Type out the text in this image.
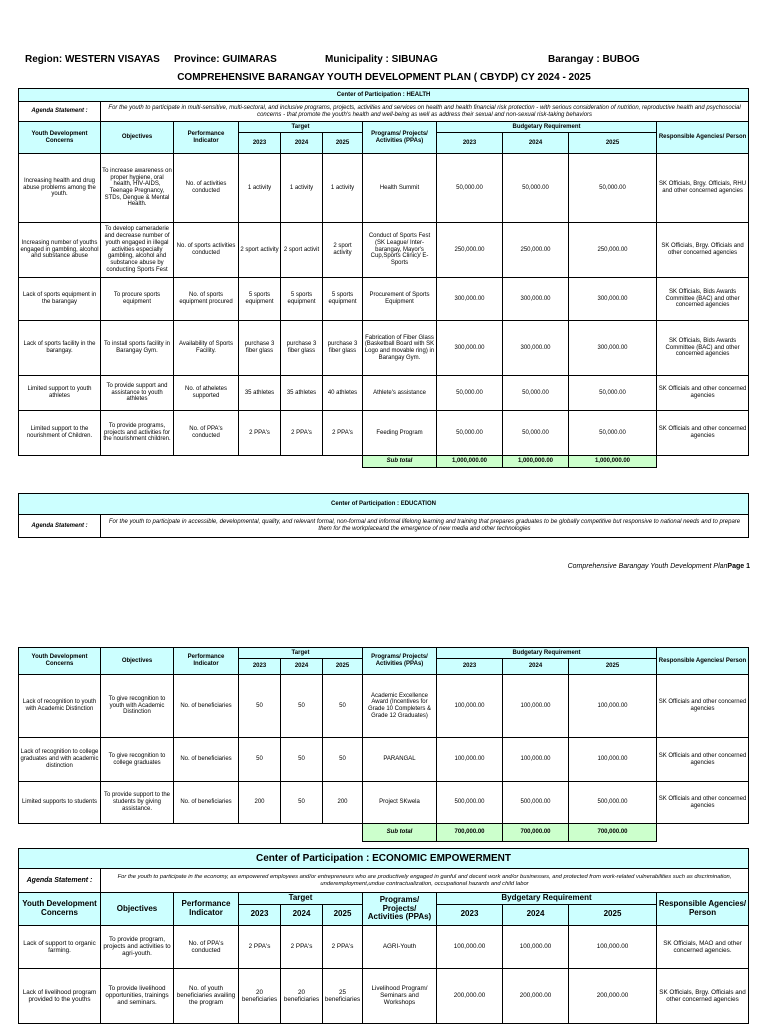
Region: WESTERN VISAYAS Province: GUIMARAS	Municipality : SIBUNAG	Barangay : BUBOG
COMPREHENSIVE BARANGAY YOUTH DEVELOPMENT PLAN ( CBYDP) CY 2024 - 2025
Center of Participation : HEALTH										
Agenda Statement :	For the youth to participate in multi-sensitive, multi-sectoral, and inclusive programs, projects, activities and services on health and health financial risk protection - with serious consideration of nutrition, reproductive health and psychosocial concerns - that promote the youth's health and well-being as well as address their sexual and non-sexual risk-taking behaviors									
Youth Development Concerns	Objectives	Performance Indicator	Target			Programs/ Projects/ Activities (PPAs)	Budgetary Requirement			Responsible Agencies/ Person
			2023	2024	2025		2023	2024	2025	
Increasing health and drug abuse problems among the youth.	To increase awareness on proper hygiene, oral health, HIV-AIDS, Teenage Pregnancy, STDs, Dengue & Mental Health.	No. of activities conducted	1 activity	1 activity	1 activity	Health Summit	50,000.00	50,000.00	50,000.00	SK Officials, Brgy. Officials, RHU and other concerned agencies
Increasing number of youths engaged in gambling, alcohol and substance abuse	To develop cameraderie and decrease number of youth engaged in illegal activities especially gambling, alcohol and substance abuse by conducting Sports Fest	No. of sports activities conducted	2 sport activity	2 sport activit	2 sport activity	Conduct of Sports Fest (SK League/ Inter-barangay, Mayor's Cup,Sports Clinic)/ E-Sports	250,000.00	250,000.00	250,000.00	SK Officials, Brgy. Officials and other concerned agencies
Lack of sports equipment in the barangay	To procure sports equipment	No. of sports equipment procured	5 sports equipment	5 sports equipment	5 sports equipment	Procurement of Sports Equipment	300,000.00	300,000.00	300,000.00	SK Officials, Bids Awards Committee (BAC) and other concerned agencies
Lack of sports facility in the barangay.	To install sports facility in Barangay Gym.	Availability of Sports Facility.	purchase 3 fiber glass	purchase 3 fiber glass	purchase 3 fiber glass	Fabrication of Fiber Glass (Basketball Board with SK Logo and movable ring) in Barangay Gym.	300,000.00	300,000.00	300,000.00	SK Officials, Bids Awards Committee (BAC) and other concerned agencies
Limited support to youth athletes	To provide support and assistance to youth athletes	No. of atheletes supported	35 athletes	35 athletes	40 athletes	Athlete's assistance	50,000.00	50,000.00	50,000.00	SK Officials and other concerned agencies
Limited support to the nourishment of Children.	To provide programs, projects and activities for the nourishment children.	No. of PPA's conducted	2 PPA's	2 PPA's	2 PPA's	Feeding Program	50,000.00	50,000.00	50,000.00	SK Officials and other concerned agencies
						Sub total	1,000,000.00	1,000,000.00	1,000,000.00	
Center of Participation : EDUCATION
Agenda Statement :	For the youth to participate in accessible, developmental, quality, and relevant formal, non-formal and informal lifelong learning and training that prepares graduates to be globally competitive but responsive to national needs and to prepare them for the workplaceand the emergence of new media and other technologies
Comprehensive Barangay Youth Development PlanPage 1
Youth Development Concerns	Objectives	Performance Indicator	Target			Programs/ Projects/ Activities (PPAs)	Budgetary Requirement			Responsible Agencies/ Person
			2023	2024	2025		2023	2024	2025	
Lack of recognition to youth with Academic Distinction	To give recognition to youth with Academic Distinction	No. of beneficiaries	50	50	50	Academic Excellence Award (Incentives for Grade 10 Completers & Grade 12 Graduates)	100,000.00	100,000.00	100,000.00	SK Officials and other concerned agencies
Lack of recognition to college graduates and with academic distinction	To give recognition to college graduates	No. of beneficiaries	50	50	50	PARANGAL	100,000.00	100,000.00	100,000.00	SK Officials and other concerned agencies
Limited supports to students	To provide support to the students by giving assistance.	No. of beneficiaries	200	50	200	Project SKwela	500,000.00	500,000.00	500,000.00	SK Officials and other concerned agencies
						Sub total	700,000.00	700,000.00	700,000.00	
Center of Participation : ECONOMIC EMPOWERMENT										
Agenda Statement :	For the youth to participate in the economy, as empowered employees and/or entrepreneurs who are productively engaged in ganful and decent work and/or businesses, and protected from work-related vulnerabilities such as discrimination, underemployment,undue contractualization, occupational hazards and child labor									
Youth Development Concerns	Objectives	Performance Indicator	Target			Programs/ Projects/ Activities (PPAs)	Bydgetary Requirement			Responsible Agencies/ Person
			2023	2024	2025		2023	2024	2025	
Lack of support to organic farming.	To provide program, projects and activities to agri-youth.	No. of PPA's conducted	2 PPA's	2 PPA's	2 PPA's	AGRI-Youth	100,000.00	100,000.00	100,000.00	SK Officials, MAO and other concerned agencies.
Lack of livelihood program provided to the youths	To provide livelihood opportunities, trainings and seminars.	No. of youth beneficiaries availing the program	20 beneficiaries	20 beneficiaries	25 beneficiaries	Livelihood Program/ Seminars and Workshops	200,000.00	200,000.00	200,000.00	SK Officials, Brgy. Officials and other concerned agencies
